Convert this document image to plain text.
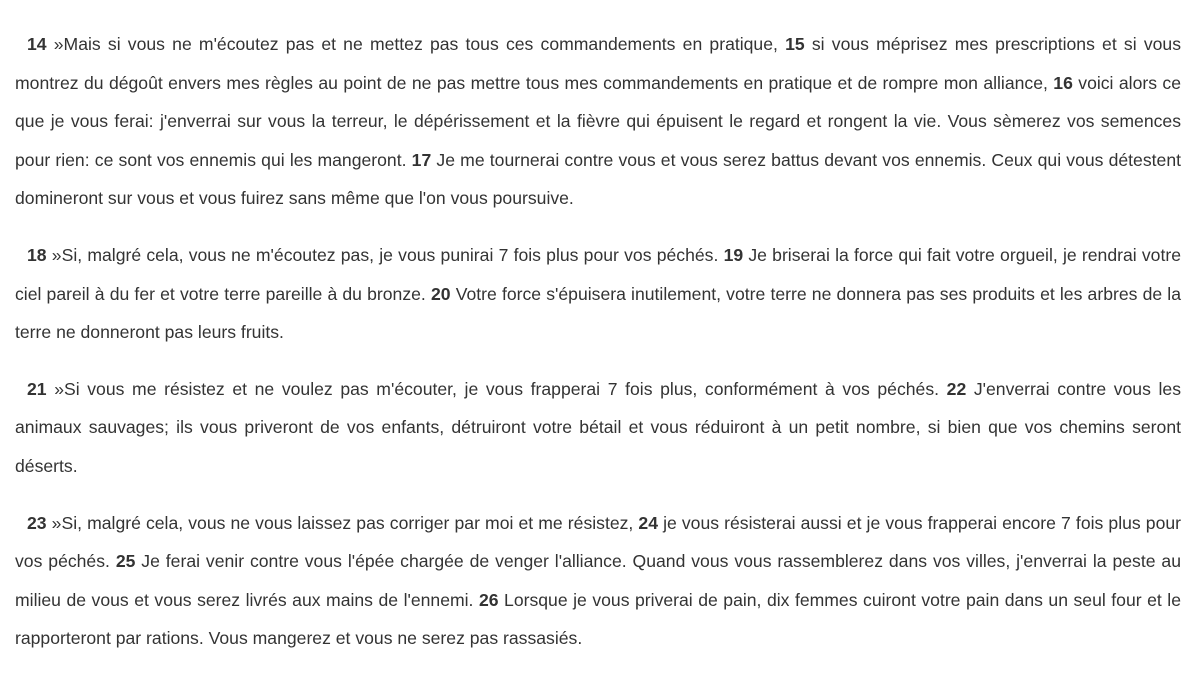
14 »Mais si vous ne m'écoutez pas et ne mettez pas tous ces commandements en pratique, 15 si vous méprisez mes prescriptions et si vous montrez du dégoût envers mes règles au point de ne pas mettre tous mes commandements en pratique et de rompre mon alliance, 16 voici alors ce que je vous ferai: j'enverrai sur vous la terreur, le dépérissement et la fièvre qui épuisent le regard et rongent la vie. Vous sèmerez vos semences pour rien: ce sont vos ennemis qui les mangeront. 17 Je me tournerai contre vous et vous serez battus devant vos ennemis. Ceux qui vous détestent domineront sur vous et vous fuirez sans même que l'on vous poursuive.

18 »Si, malgré cela, vous ne m'écoutez pas, je vous punirai 7 fois plus pour vos péchés. 19 Je briserai la force qui fait votre orgueil, je rendrai votre ciel pareil à du fer et votre terre pareille à du bronze. 20 Votre force s'épuisera inutilement, votre terre ne donnera pas ses produits et les arbres de la terre ne donneront pas leurs fruits.

21 »Si vous me résistez et ne voulez pas m'écouter, je vous frapperai 7 fois plus, conformément à vos péchés. 22 J'enverrai contre vous les animaux sauvages; ils vous priveront de vos enfants, détruiront votre bétail et vous réduiront à un petit nombre, si bien que vos chemins seront déserts.

23 »Si, malgré cela, vous ne vous laissez pas corriger par moi et me résistez, 24 je vous résisterai aussi et je vous frapperai encore 7 fois plus pour vos péchés. 25 Je ferai venir contre vous l'épée chargée de venger l'alliance. Quand vous vous rassemblerez dans vos villes, j'enverrai la peste au milieu de vous et vous serez livrés aux mains de l'ennemi. 26 Lorsque je vous priverai de pain, dix femmes cuiront votre pain dans un seul four et le rapporteront par rations. Vous mangerez et vous ne serez pas rassasiés.
